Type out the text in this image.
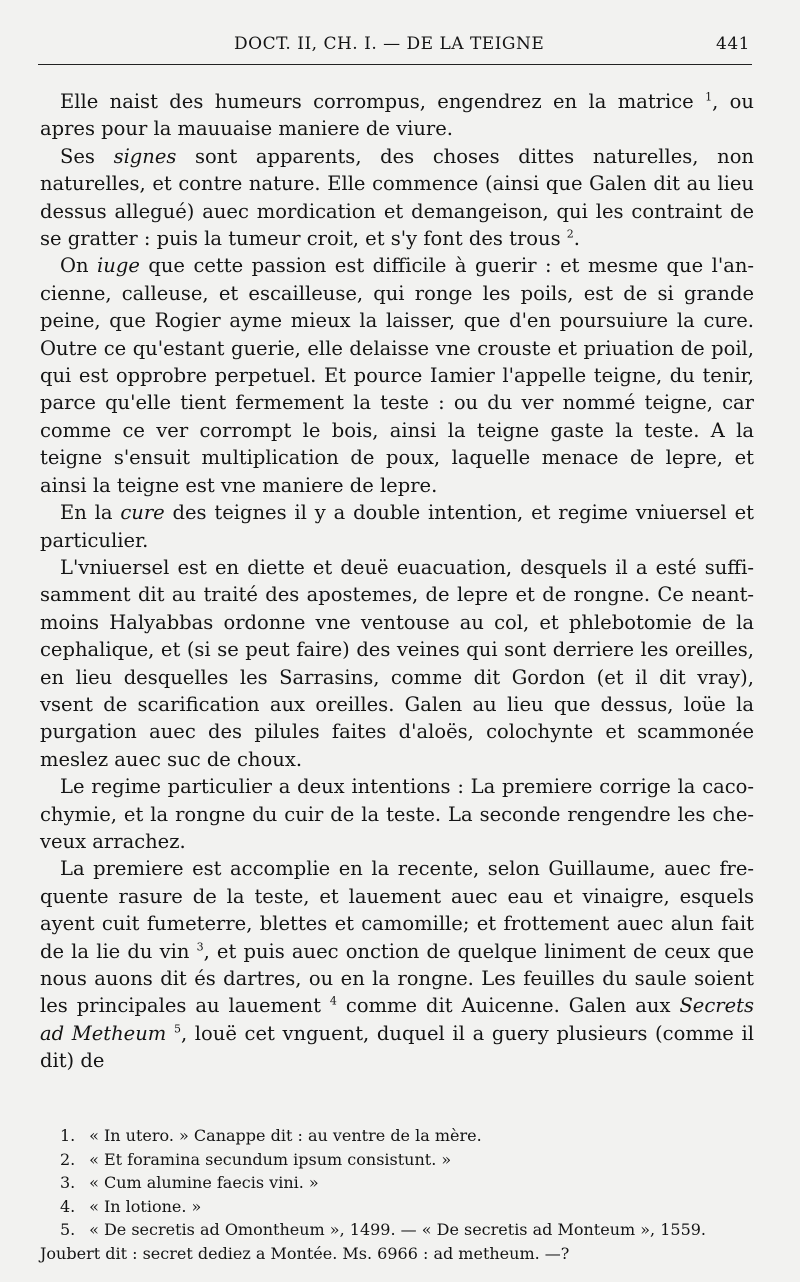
DOCT. II, CH. I. — DE LA TEIGNE	441

Elle naist des humeurs corrompus, engendrez en la matrice $^1$, ou apres pour la mauuaise maniere de viure.

Ses signes sont apparents, des choses dittes naturelles, non naturelles, et contre nature. Elle commence (ainsi que Galen dit au lieu dessus allegué) auec mordication et demangeison, qui les contraint de se gratter : puis la tumeur croit, et s'y font des trous $^2$.

On iuge que cette passion est difficile à guerir : et mesme que l'ancienne, calleuse, et escailleuse, qui ronge les poils, est de si grande peine, que Rogier ayme mieux la laisser, que d'en poursuiure la cure. Outre ce qu'estant guerie, elle delaisse vne crouste et priuation de poil, qui est opprobre perpetuel. Et pource Iamier l'appelle teigne, du tenir, parce qu'elle tient fermement la teste : ou du ver nommé teigne, car comme ce ver corrompt le bois, ainsi la teigne gaste la teste. A la teigne s'ensuit multiplication de poux, laquelle menace de lepre, et ainsi la teigne est vne maniere de lepre.

En la cure des teignes il y a double intention, et regime vniuersel et particulier.

L'vniuersel est en diette et deuë euacuation, desquels il a esté suffisamment dit au traité des apostemes, de lepre et de rongne. Ce neantmoins Halyabbas ordonne vne ventouse au col, et phlebotomie de la cephalique, et (si se peut faire) des veines qui sont derriere les oreilles, en lieu desquelles les Sarrasins, comme dit Gordon (et il dit vray), vsent de scarification aux oreilles. Galen au lieu que dessus, loüe la purgation auec des pilules faites d'aloës, colochynte et scammonée meslez auec suc de choux.

Le regime particulier a deux intentions : La premiere corrige la cacochymie, et la rongne du cuir de la teste. La seconde rengendre les cheveux arrachez.

La premiere est accomplie en la recente, selon Guillaume, auec frequente rasure de la teste, et lauement auec eau et vinaigre, esquels ayent cuit fumeterre, blettes et camomille; et frottement auec alun fait de la lie du vin $^3$, et puis auec onction de quelque liniment de ceux que nous auons dit és dartres, ou en la rongne. Les feuilles du saule soient les principales au lauement $^4$ comme dit Auicenne. Galen aux Secrets ad Metheum $^5$, louë cet vnguent, duquel il a guery plusieurs (comme il dit) de

1. « In utero. » Canappe dit : au ventre de la mère.

2. « Et foramina secundum ipsum consistunt. »

3. « Cum alumine faecis vini. »

4. « In lotione. »

5. « De secretis ad Omontheum », 1499. — « De secretis ad Monteum », 1559.

Joubert dit : secret dediez a Montée. Ms. 6966 : ad metheum. —?
